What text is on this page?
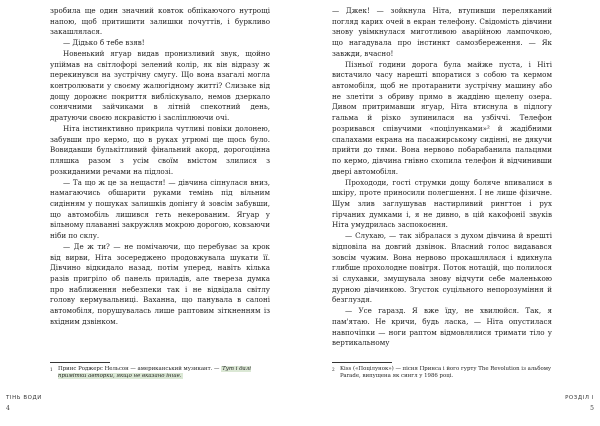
зробила ще один значний ковток обпікаючого нутрощі напою, щоб притишити залишки почуттів, і буркливо закашлялася.

— Дідько б тебе взяв!

Новенький ягуар видав пронизливий звук, щойно упіймав на світлофорі зелений колір, як він відразу ж перекинувся на зустрічну смугу. Що вона взагалі могла контролювати у своєму жалюгідному житті? Слизьке від дощу дорожнє покриття вибліскувало, немов дзеркало сонячними зайчиками в літній спекотний день, дратуючи своєю яскравістю і засліплюючи очі.

Ніта інстинктивно прикрила чутливі повіки долонею, забувши про кермо, що в руках угрюмі ще щось було. Вовидавши булькітливий фінальний акорд, дорогоцінна пляшка разом з усім своїм вмістом злилися з розкиданими речами на підлозі.

— Та що ж це за нещастя! — дівчина сіпнулася вниз, намагаючись обшарити руками темінь під вільним сидінням у пошуках залишків допінгу й зовсім забувши, що автомобіль лишився геть некерованим. Ягуар у вільному плаванні закружляв мокрою дорогою, ковзаючи ніби по склу.

— Де ж ти? — не помічаючи, що перебуває за крок від вирви, Ніта зосереджено продовжувала шукати її. Дівчино відкидало назад, потім уперед, навіть кілька разів пригріло об панель приладів, але твереза думка про наближення небезпеки так і не відвідала світлу голову кермувальниці. Ваханна, що панувала в салоні автомобіля, порушувалась лише раптовим зіткненням із вхідним дзвінком.

1 Принс Роджерс Нельсон — американський музикант. — Тут і далі примітки авторки, якщо не вказано інше.
ТІНЬ ВОДИ
4

— Джек! — зойкнула Ніта, втупивши переляканий погляд карих очей в екран телефону. Свідомість дівчини знову увімкнулася миготливою аварійною лампочкою, що нагадувала про інстинкт самозбереження. — Як завжди, вчасно!

Пізньої години дорога була майже пуста, і Ніті вистачило часу нарешті впоратися з собою та кермом автомобіля, щоб не протаранити зустрічну машину або не злетіти з обриву прямо в жаддіню щелепу озера. Дивом притримавши ягуар, Ніта втиснула в підлогу гальма й різко зупинилася на узбіччі. Телефон розривався співучими «поцілунками»² й жадібними спалахами екрана на пасажирському сидінні, не дякучи прийти до тями. Вона нервово побарабанила пальцями по кермо, дівчина гнівно схопила телефон й відчинивши двері автомобіля.

Прохододи, гості струмки дощу боляче впивалися в шкіру, проте приносили полегшення. І не лише фізичне. Шум злив заглушував настирливий рингтон і рух гірчаних думками і, я не дивно, в цій какофонії звуків Ніта умудрилась заспокоєння.

— Слухаю, — так зібралася з духом дівчина й врешті відповіла на довгий дзвінок. Власний голос видавався зовсім чужим. Вона нервово прокашлялася і вдихнула глибше прохолодне повітря. Поток нотацій, що полилося зі слухавки, змушувала знову відчути себе маленькою дурною дівчинкою. Згусток суцільного непорозуміння й безглуздя.

— Усе гаразд. Я вже їду, не хвилюйся. Так, я пам'ятаю. Не кричи, будь ласка, — Ніта опустилася навпочіпки — ноги раптом відмовлялися тримати тіло у вертикальному

2 Kiss («Поцілунок») — пісня Принса і його гурту The Revolution із альбому Parade, випущена як сингл у 1986 році.
РОЗДІЛ І
5
